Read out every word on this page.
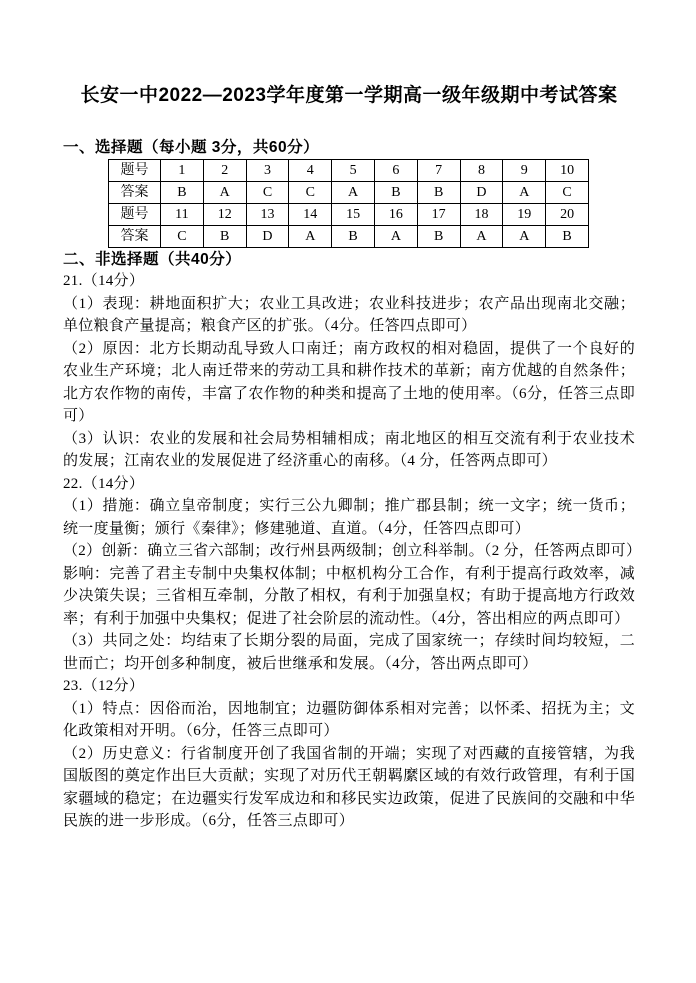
长安一中2022—2023学年度第一学期高一级年级期中考试答案
一、选择题（每小题 3分，共60分）
题号	1	2	3	4	5	6	7	8	9	10
答案	B	A	C	C	A	B	B	D	A	C
题号	11	12	13	14	15	16	17	18	19	20
答案	C	B	D	A	B	A	B	A	A	B
二、非选择题（共40分）

21.（14分）

（1）表现：耕地面积扩大；农业工具改进；农业科技进步；农产品出现南北交融；单位粮食产量提高；粮食产区的扩张。（4分。任答四点即可）

（2）原因：北方长期动乱导致人口南迁；南方政权的相对稳固，提供了一个良好的农业生产环境；北人南迁带来的劳动工具和耕作技术的革新；南方优越的自然条件；北方农作物的南传，丰富了农作物的种类和提高了土地的使用率。（6分，任答三点即可）

（3）认识：农业的发展和社会局势相辅相成；南北地区的相互交流有利于农业技术的发展；江南农业的发展促进了经济重心的南移。（4 分，任答两点即可）

22.（14分）

（1）措施：确立皇帝制度；实行三公九卿制；推广郡县制；统一文字；统一货币；统一度量衡；颁行《秦律》；修建驰道、直道。（4分，任答四点即可）

（2）创新：确立三省六部制；改行州县两级制；创立科举制。（2 分，任答两点即可）

影响：完善了君主专制中央集权体制；中枢机构分工合作，有利于提高行政效率，减少决策失误；三省相互牵制，分散了相权，有利于加强皇权；有助于提高地方行政效率；有利于加强中央集权；促进了社会阶层的流动性。（4分，答出相应的两点即可）

（3）共同之处：均结束了长期分裂的局面，完成了国家统一；存续时间均较短，二世而亡；均开创多种制度，被后世继承和发展。（4分，答出两点即可）

23.（12分）

（1）特点：因俗而治，因地制宜；边疆防御体系相对完善；以怀柔、招抚为主；文化政策相对开明。（6分，任答三点即可）

（2）历史意义：行省制度开创了我国省制的开端；实现了对西藏的直接管辖，为我国版图的奠定作出巨大贡献；实现了对历代王朝羁縻区域的有效行政管理，有利于国家疆域的稳定；在边疆实行发军成边和和移民实边政策，促进了民族间的交融和中华民族的进一步形成。（6分，任答三点即可）
